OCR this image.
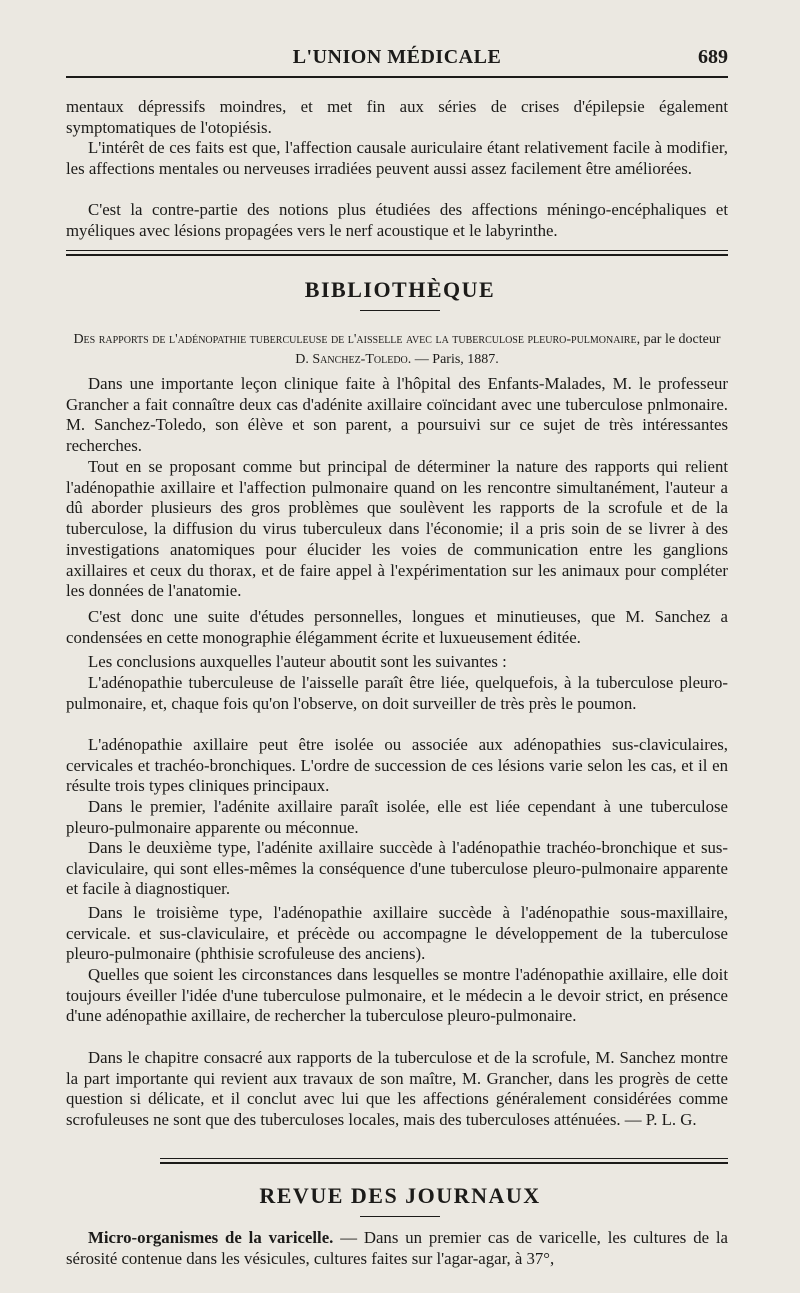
L'UNION MÉDICALE	689

mentaux dépressifs moindres, et met fin aux séries de crises d'épilepsie également symptomatiques de l'otopiésis.

L'intérêt de ces faits est que, l'affection causale auriculaire étant relativement facile à modifier, les affections mentales ou nerveuses irradiées peuvent aussi assez facilement être améliorées.

C'est la contre-partie des notions plus étudiées des affections méningo-encéphaliques et myéliques avec lésions propagées vers le nerf acoustique et le labyrinthe.

BIBLIOTHÈQUE

Des rapports de l'adénopathie tuberculeuse de l'aisselle avec la tuberculose pleuro-pulmonaire, par le docteur D. Sanchez-Toledo. — Paris, 1887.

Dans une importante leçon clinique faite à l'hôpital des Enfants-Malades, M. le professeur Grancher a fait connaître deux cas d'adénite axillaire coïncidant avec une tuberculose pnlmonaire. M. Sanchez-Toledo, son élève et son parent, a poursuivi sur ce sujet de très intéressantes recherches.

Tout en se proposant comme but principal de déterminer la nature des rapports qui relient l'adénopathie axillaire et l'affection pulmonaire quand on les rencontre simultanément, l'auteur a dû aborder plusieurs des gros problèmes que soulèvent les rapports de la scrofule et de la tuberculose, la diffusion du virus tuberculeux dans l'économie; il a pris soin de se livrer à des investigations anatomiques pour élucider les voies de communication entre les ganglions axillaires et ceux du thorax, et de faire appel à l'expérimentation sur les animaux pour compléter les données de l'anatomie.

C'est donc une suite d'études personnelles, longues et minutieuses, que M. Sanchez a condensées en cette monographie élégamment écrite et luxueusement éditée.

Les conclusions auxquelles l'auteur aboutit sont les suivantes :

L'adénopathie tuberculeuse de l'aisselle paraît être liée, quelquefois, à la tuberculose pleuro-pulmonaire, et, chaque fois qu'on l'observe, on doit surveiller de très près le poumon.

L'adénopathie axillaire peut être isolée ou associée aux adénopathies sus-claviculaires, cervicales et trachéo-bronchiques. L'ordre de succession de ces lésions varie selon les cas, et il en résulte trois types cliniques principaux.

Dans le premier, l'adénite axillaire paraît isolée, elle est liée cependant à une tuberculose pleuro-pulmonaire apparente ou méconnue.

Dans le deuxième type, l'adénite axillaire succède à l'adénopathie trachéo-bronchique et sus-claviculaire, qui sont elles-mêmes la conséquence d'une tuberculose pleuro-pulmonaire apparente et facile à diagnostiquer.

Dans le troisième type, l'adénopathie axillaire succède à l'adénopathie sous-maxillaire, cervicale. et sus-claviculaire, et précède ou accompagne le développement de la tuberculose pleuro-pulmonaire (phthisie scrofuleuse des anciens).

Quelles que soient les circonstances dans lesquelles se montre l'adénopathie axillaire, elle doit toujours éveiller l'idée d'une tuberculose pulmonaire, et le médecin a le devoir strict, en présence d'une adénopathie axillaire, de rechercher la tuberculose pleuro-pulmonaire.

Dans le chapitre consacré aux rapports de la tuberculose et de la scrofule, M. Sanchez montre la part importante qui revient aux travaux de son maître, M. Grancher, dans les progrès de cette question si délicate, et il conclut avec lui que les affections généralement considérées comme scrofuleuses ne sont que des tuberculoses locales, mais des tuberculoses atténuées. — P. L. G.

REVUE DES JOURNAUX

Micro-organismes de la varicelle. — Dans un premier cas de varicelle, les cultures de la sérosité contenue dans les vésicules, cultures faites sur l'agar-agar, à 37°,
